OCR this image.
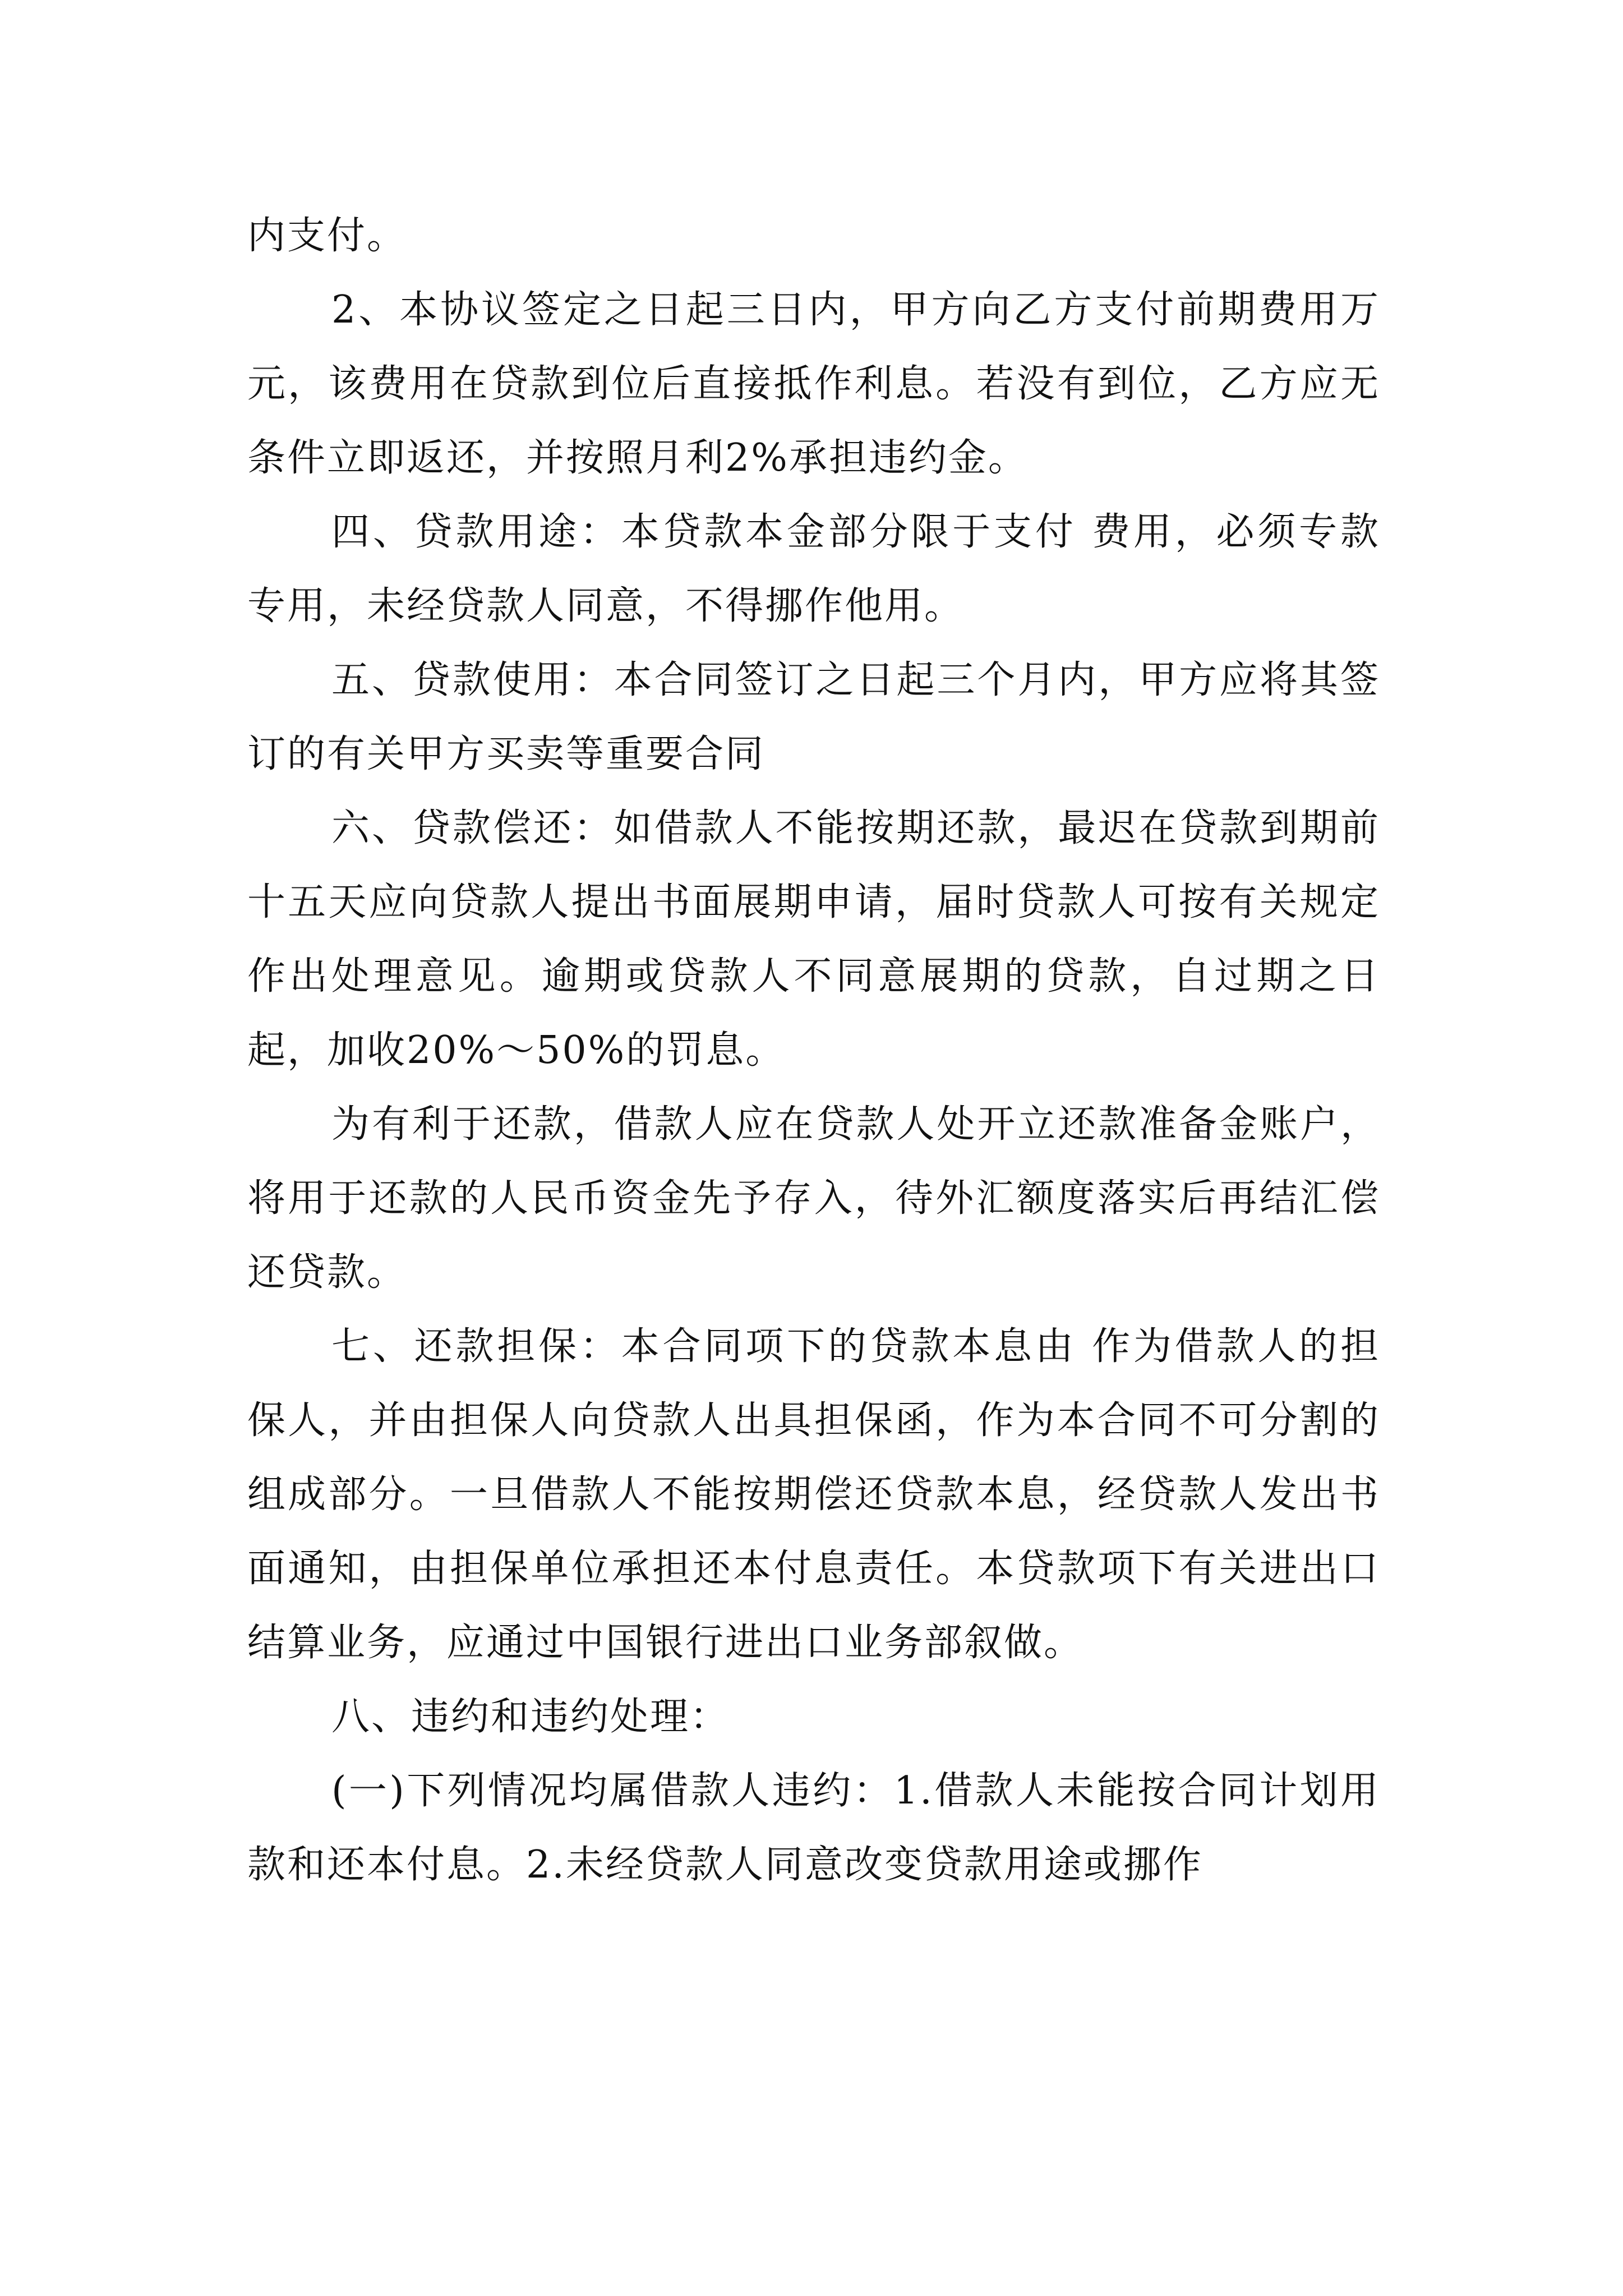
内支付。

2、本协议签定之日起三日内，甲方向乙方支付前期费用万元，该费用在贷款到位后直接抵作利息。若没有到位，乙方应无条件立即返还，并按照月利2%承担违约金。

四、贷款用途：本贷款本金部分限于支付 费用，必须专款专用，未经贷款人同意，不得挪作他用。

五、贷款使用：本合同签订之日起三个月内，甲方应将其签订的有关甲方买卖等重要合同

六、贷款偿还：如借款人不能按期还款，最迟在贷款到期前十五天应向贷款人提出书面展期申请，届时贷款人可按有关规定作出处理意见。逾期或贷款人不同意展期的贷款，自过期之日起，加收20%～50%的罚息。

为有利于还款，借款人应在贷款人处开立还款准备金账户，将用于还款的人民币资金先予存入，待外汇额度落实后再结汇偿还贷款。

七、还款担保：本合同项下的贷款本息由 作为借款人的担保人，并由担保人向贷款人出具担保函，作为本合同不可分割的组成部分。一旦借款人不能按期偿还贷款本息，经贷款人发出书面通知，由担保单位承担还本付息责任。本贷款项下有关进出口结算业务，应通过中国银行进出口业务部叙做。

八、违约和违约处理：

(一)下列情况均属借款人违约：1.借款人未能按合同计划用款和还本付息。2.未经贷款人同意改变贷款用途或挪作
